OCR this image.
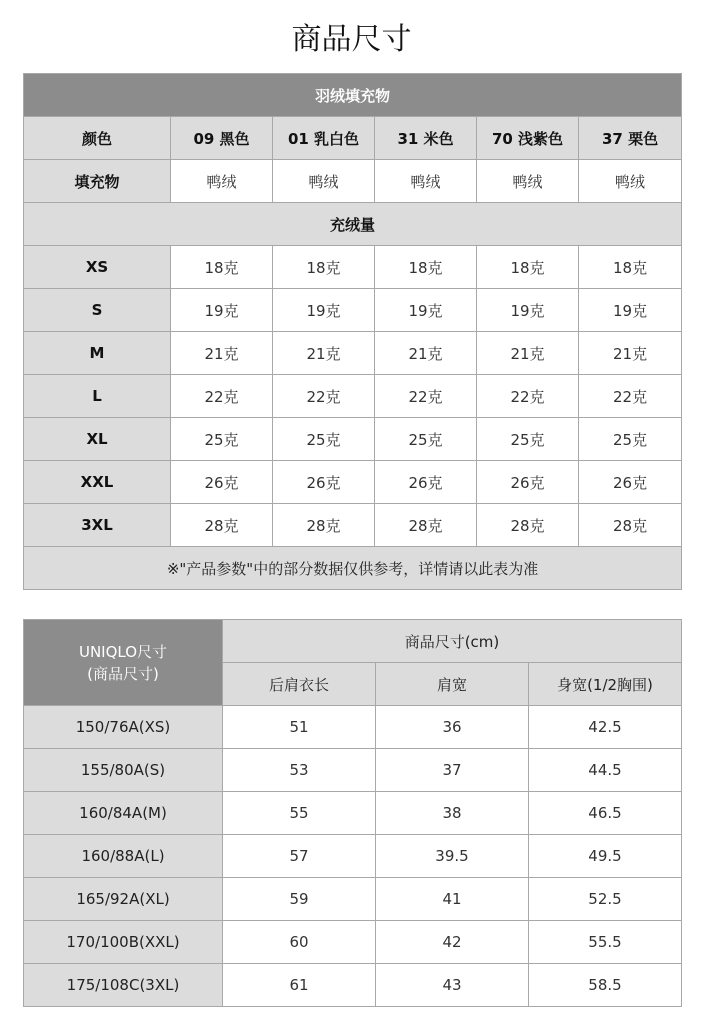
商品尺寸
羽绒填充物					
颜色	09 黑色	01 乳白色	31 米色	70 浅紫色	37 栗色
填充物	鸭绒	鸭绒	鸭绒	鸭绒	鸭绒
充绒量					
XS	18克	18克	18克	18克	18克
S	19克	19克	19克	19克	19克
M	21克	21克	21克	21克	21克
L	22克	22克	22克	22克	22克
XL	25克	25克	25克	25克	25克
XXL	26克	26克	26克	26克	26克
3XL	28克	28克	28克	28克	28克
※"产品参数"中的部分数据仅供参考，详情请以此表为准					
UNIQLO尺寸
(商品尺寸)	商品尺寸(cm)		
	后肩衣长	肩宽	身宽(1/2胸围)
150/76A(XS)	51	36	42.5
155/80A(S)	53	37	44.5
160/84A(M)	55	38	46.5
160/88A(L)	57	39.5	49.5
165/92A(XL)	59	41	52.5
170/100B(XXL)	60	42	55.5
175/108C(3XL)	61	43	58.5
